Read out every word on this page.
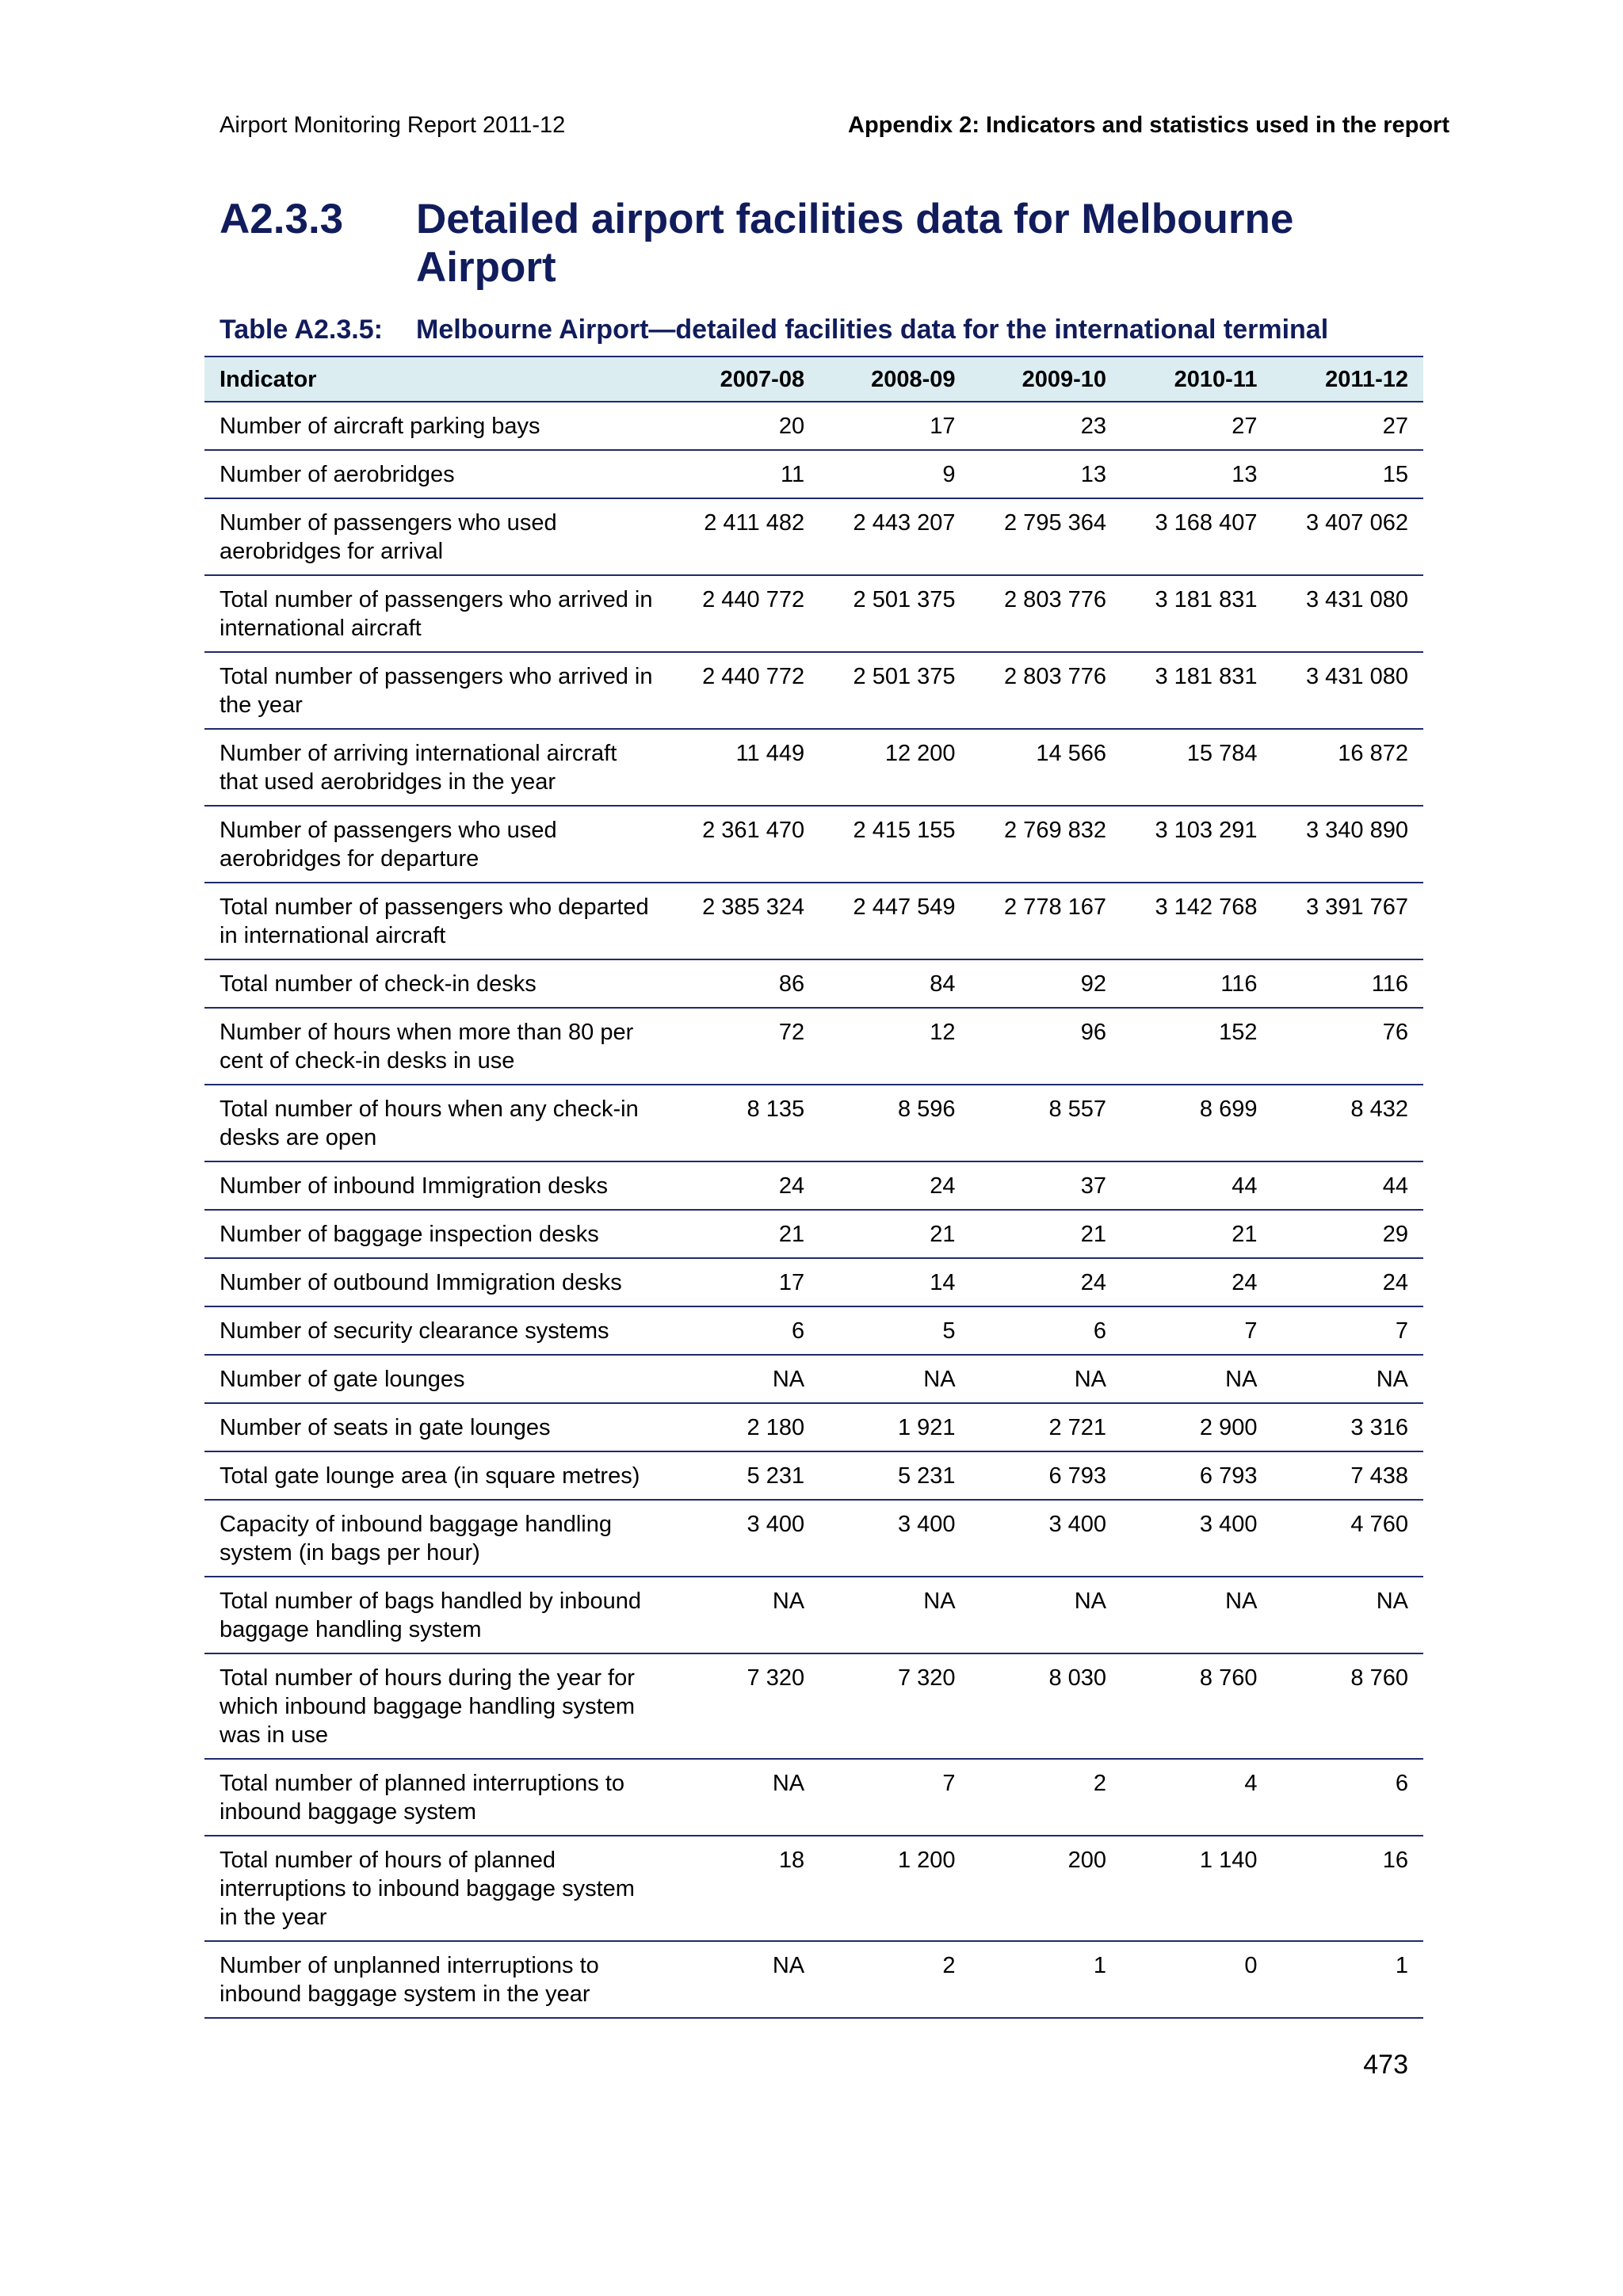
Airport Monitoring Report 2011-12	Appendix 2: Indicators and statistics used in the report
A2.3.3	Detailed airport facilities data for Melbourne Airport
Table A2.3.5:	Melbourne Airport—detailed facilities data for the international terminal
Indicator	2007-08	2008-09	2009-10	2010-11	2011-12
Number of aircraft parking bays	20	17	23	27	27
Number of aerobridges	11	9	13	13	15
Number of passengers who used aerobridges for arrival	2 411 482	2 443 207	2 795 364	3 168 407	3 407 062
Total number of passengers who arrived in international aircraft	2 440 772	2 501 375	2 803 776	3 181 831	3 431 080
Total number of passengers who arrived in the year	2 440 772	2 501 375	2 803 776	3 181 831	3 431 080
Number of arriving international aircraft that used aerobridges in the year	11 449	12 200	14 566	15 784	16 872
Number of passengers who used aerobridges for departure	2 361 470	2 415 155	2 769 832	3 103 291	3 340 890
Total number of passengers who departed in international aircraft	2 385 324	2 447 549	2 778 167	3 142 768	3 391 767
Total number of check-in desks	86	84	92	116	116
Number of hours when more than 80 per cent of check-in desks in use	72	12	96	152	76
Total number of hours when any check-in desks are open	8 135	8 596	8 557	8 699	8 432
Number of inbound Immigration desks	24	24	37	44	44
Number of baggage inspection desks	21	21	21	21	29
Number of outbound Immigration desks	17	14	24	24	24
Number of security clearance systems	6	5	6	7	7
Number of gate lounges	NA	NA	NA	NA	NA
Number of seats in gate lounges	2 180	1 921	2 721	2 900	3 316
Total gate lounge area (in square metres)	5 231	5 231	6 793	6 793	7 438
Capacity of inbound baggage handling system (in bags per hour)	3 400	3 400	3 400	3 400	4 760
Total number of bags handled by inbound baggage handling system	NA	NA	NA	NA	NA
Total number of hours during the year for which inbound baggage handling system was in use	7 320	7 320	8 030	8 760	8 760
Total number of planned interruptions to inbound baggage system	NA	7	2	4	6
Total number of hours of planned interruptions to inbound baggage system in the year	18	1 200	200	1 140	16
Number of unplanned interruptions to inbound baggage system in the year	NA	2	1	0	1
473
